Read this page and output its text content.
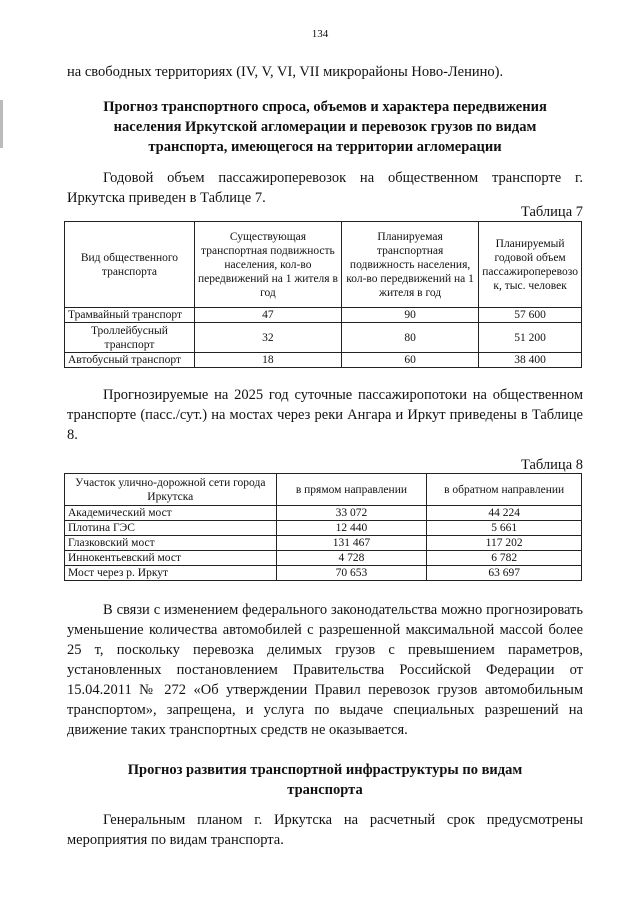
134

на свободных территориях (IV, V, VI, VII микрорайоны Ново-Ленино).

Прогноз транспортного спроса, объемов и характера передвижения населения Иркутской агломерации и перевозок грузов по видам транспорта, имеющегося на территории агломерации

Годовой объем пассажироперевозок на общественном транспорте г. Иркутска приведен в Таблице 7.

Таблица 7
Вид общественного транспорта	Существующая транспортная подвижность населения, кол-во передвижений на 1 жителя в год	Планируемая транспортная подвижность населения, кол-во передвижений на 1 жителя в год	Планируемый годовой объем пассажироперевозо к, тыс. человек
Трамвайный транспорт	47	90	57 600
Троллейбусный транспорт	32	80	51 200
Автобусный транспорт	18	60	38 400

Прогнозируемые на 2025 год суточные пассажиропотоки на общественном транспорте (пасс./сут.) на мостах через реки Ангара и Иркут приведены в Таблице 8.

Таблица 8
Участок улично-дорожной сети города Иркутска	в прямом направлении	в обратном направлении
Академический мост	33 072	44 224
Плотина ГЭС	12 440	5 661
Глазковский мост	131 467	117 202
Иннокентьевский мост	4 728	6 782
Мост через р. Иркут	70 653	63 697

В связи с изменением федерального законодательства можно прогнозировать уменьшение количества автомобилей с разрешенной максимальной массой более 25 т, поскольку перевозка делимых грузов с превышением параметров, установленных постановлением Правительства Российской Федерации от 15.04.2011 № 272 «Об утверждении Правил перевозок грузов автомобильным транспортом», запрещена, и услуга по выдаче специальных разрешений на движение таких транспортных средств не оказывается.

Прогноз развития транспортной инфраструктуры по видам транспорта

Генеральным планом г. Иркутска на расчетный срок предусмотрены мероприятия по видам транспорта.
